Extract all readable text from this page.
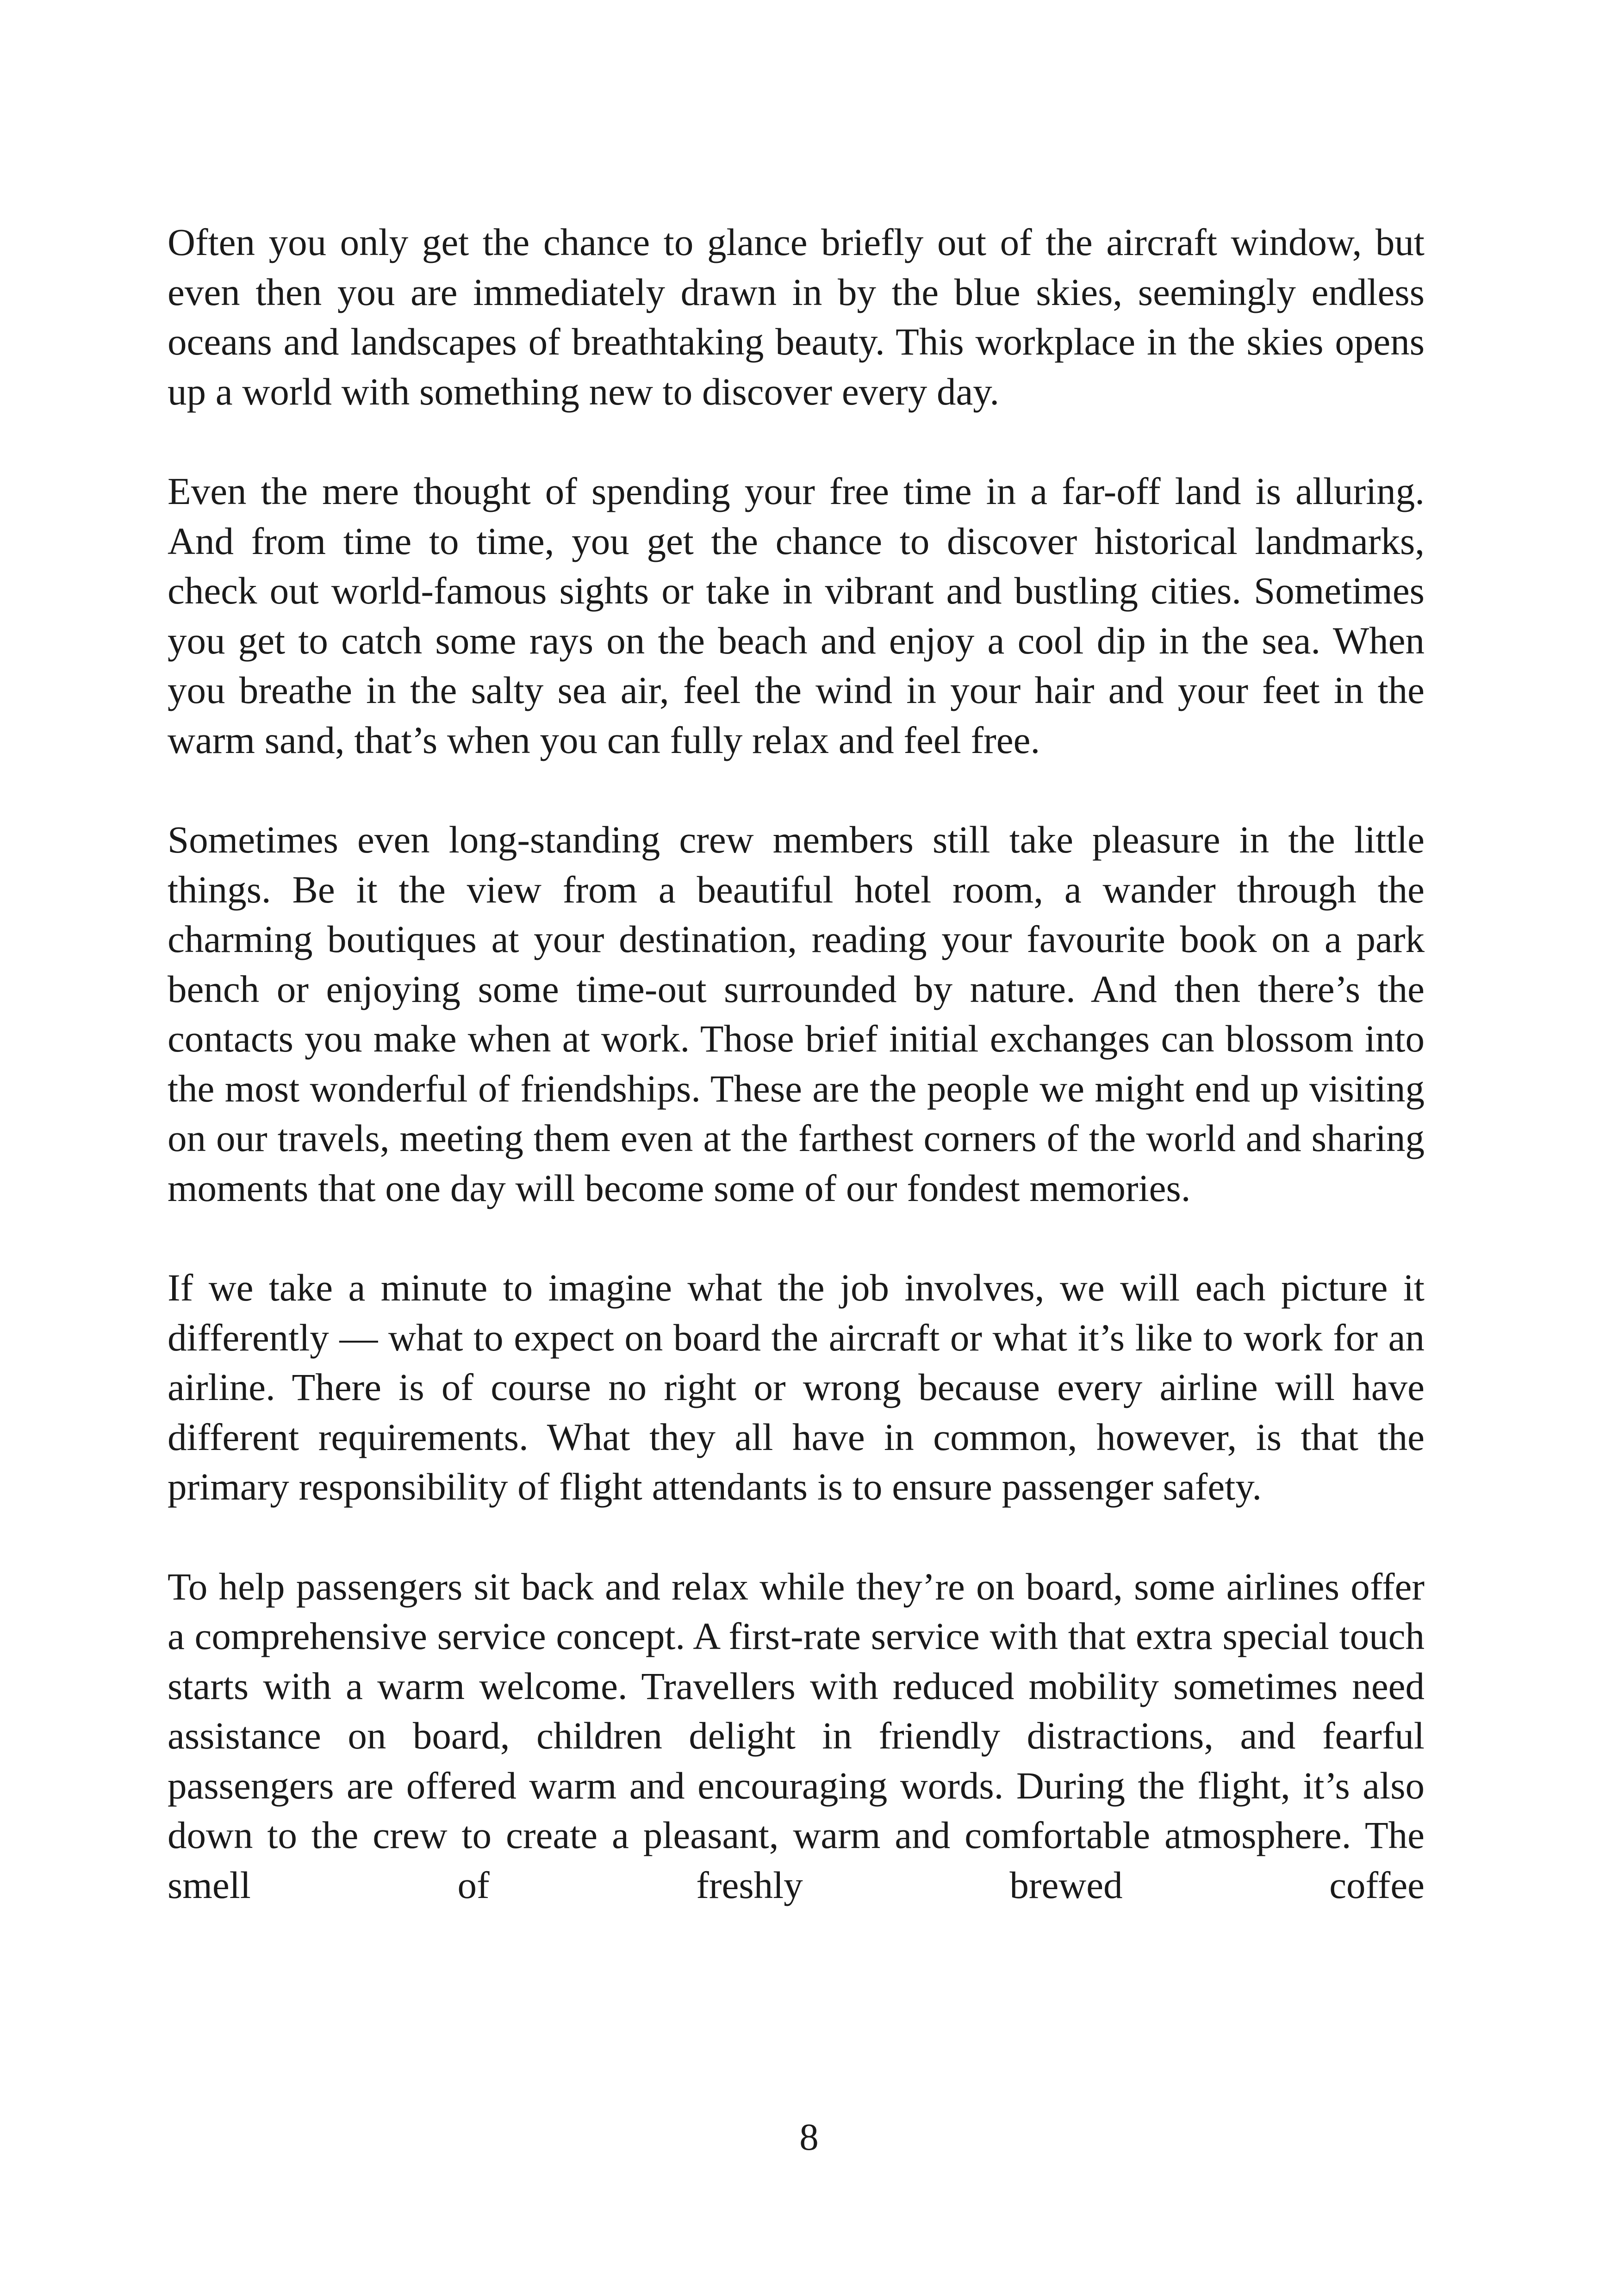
Often you only get the chance to glance briefly out of the aircraft window, but even then you are immediately drawn in by the blue skies, seemingly endless oceans and landscapes of breathtaking beauty. This workplace in the skies opens up a world with something new to discover every day.

Even the mere thought of spending your free time in a far-off land is alluring. And from time to time, you get the chance to discover historical landmarks, check out world-famous sights or take in vibrant and bustling cities. Sometimes you get to catch some rays on the beach and enjoy a cool dip in the sea. When you breathe in the salty sea air, feel the wind in your hair and your feet in the warm sand, that’s when you can fully relax and feel free.

Sometimes even long-standing crew members still take pleasure in the little things. Be it the view from a beautiful hotel room, a wander through the charming boutiques at your destination, reading your favourite book on a park bench or enjoying some time-out surrounded by nature. And then there’s the contacts you make when at work. Those brief initial exchanges can blossom into the most wonderful of friendships. These are the people we might end up visiting on our travels, meeting them even at the farthest corners of the world and sharing moments that one day will become some of our fondest memories.

If we take a minute to imagine what the job involves, we will each picture it differently — what to expect on board the aircraft or what it’s like to work for an airline. There is of course no right or wrong because every airline will have different requirements. What they all have in common, however, is that the primary responsibility of flight attendants is to ensure passenger safety.

To help passengers sit back and relax while they’re on board, some airlines offer a comprehensive service concept. A first-rate service with that extra special touch starts with a warm welcome. Travellers with reduced mobility sometimes need assistance on board, children delight in friendly distractions, and fearful passengers are offered warm and encouraging words. During the flight, it’s also down to the crew to create a pleasant, warm and comfortable atmosphere. The smell of freshly brewed coffee

8
